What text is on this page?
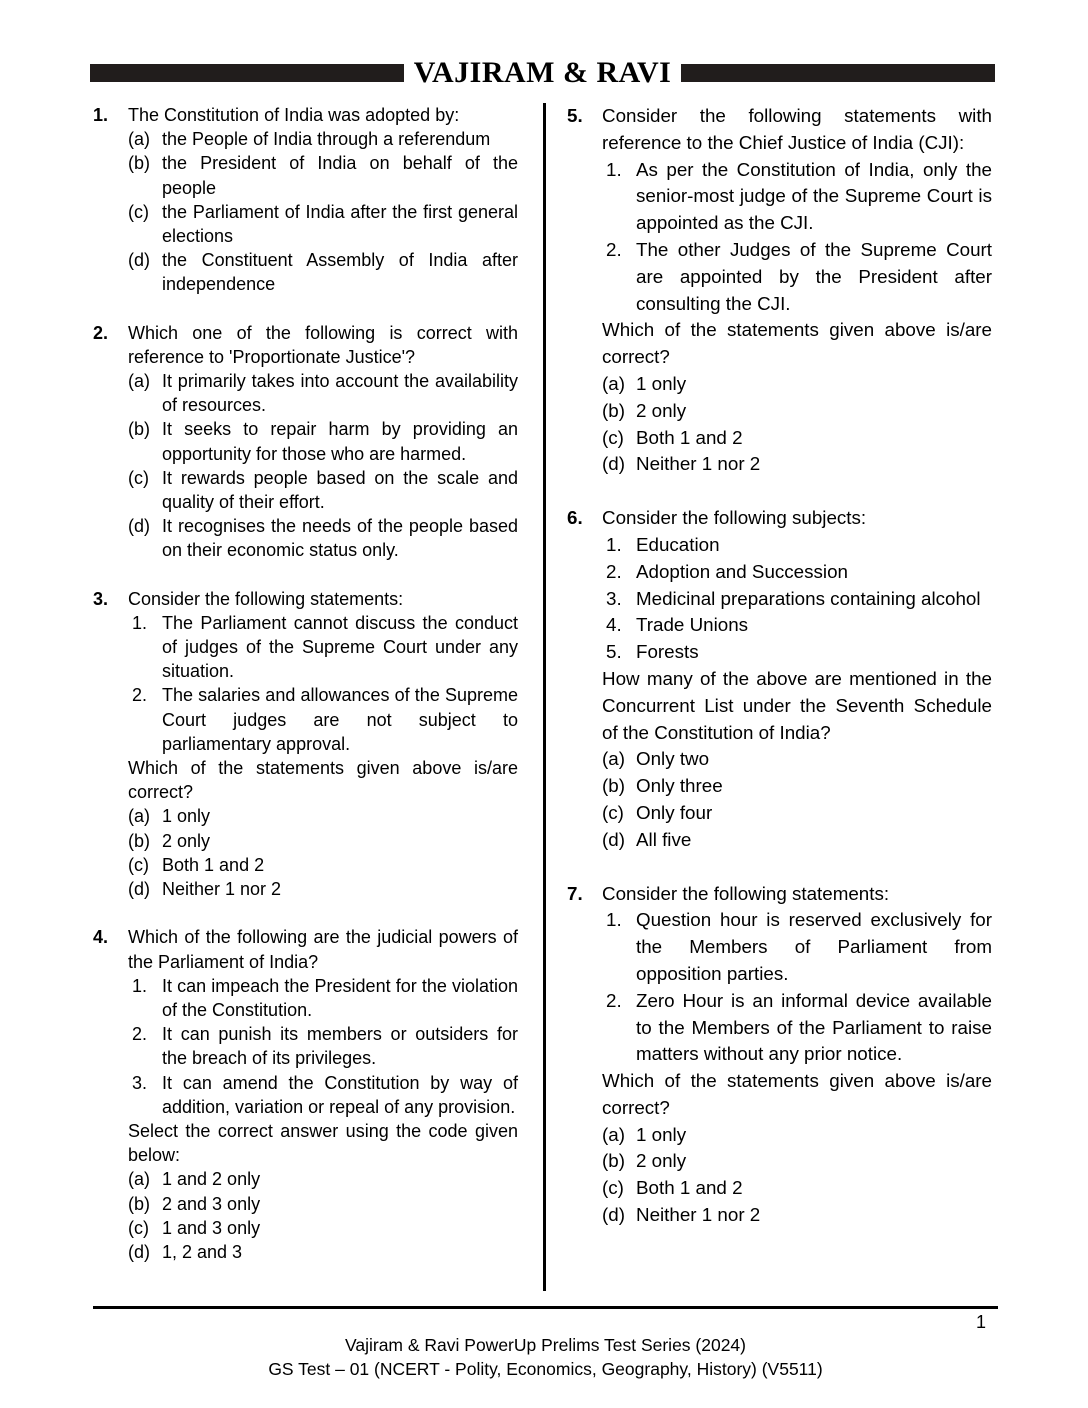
VAJIRAM & RAVI
1.	The Constitution of India was adopted by:
(a) the People of India through a referendum
(b) the President of India on behalf of the people
(c) the Parliament of India after the first general elections
(d) the Constituent Assembly of India after independence
2.	Which one of the following is correct with reference to 'Proportionate Justice'?
(a) It primarily takes into account the availability of resources.
(b) It seeks to repair harm by providing an opportunity for those who are harmed.
(c) It rewards people based on the scale and quality of their effort.
(d) It recognises the needs of the people based on their economic status only.
3.	Consider the following statements:
1. The Parliament cannot discuss the conduct of judges of the Supreme Court under any situation.
2. The salaries and allowances of the Supreme Court judges are not subject to parliamentary approval.
Which of the statements given above is/are correct?
(a) 1 only
(b) 2 only
(c) Both 1 and 2
(d) Neither 1 nor 2
4.	Which of the following are the judicial powers of the Parliament of India?
1. It can impeach the President for the violation of the Constitution.
2. It can punish its members or outsiders for the breach of its privileges.
3. It can amend the Constitution by way of addition, variation or repeal of any provision.
Select the correct answer using the code given below:
(a) 1 and 2 only
(b) 2 and 3 only
(c) 1 and 3 only
(d) 1, 2 and 3
5.	Consider the following statements with reference to the Chief Justice of India (CJI):
1. As per the Constitution of India, only the senior-most judge of the Supreme Court is appointed as the CJI.
2. The other Judges of the Supreme Court are appointed by the President after consulting the CJI.
Which of the statements given above is/are correct?
(a) 1 only
(b) 2 only
(c) Both 1 and 2
(d) Neither 1 nor 2
6.	Consider the following subjects:
1. Education
2. Adoption and Succession
3. Medicinal preparations containing alcohol
4. Trade Unions
5. Forests
How many of the above are mentioned in the Concurrent List under the Seventh Schedule of the Constitution of India?
(a) Only two
(b) Only three
(c) Only four
(d) All five
7.	Consider the following statements:
1. Question hour is reserved exclusively for the Members of Parliament from opposition parties.
2. Zero Hour is an informal device available to the Members of the Parliament to raise matters without any prior notice.
Which of the statements given above is/are correct?
(a) 1 only
(b) 2 only
(c) Both 1 and 2
(d) Neither 1 nor 2
1
Vajiram & Ravi PowerUp Prelims Test Series (2024)
GS Test – 01 (NCERT - Polity, Economics, Geography, History) (V5511)
